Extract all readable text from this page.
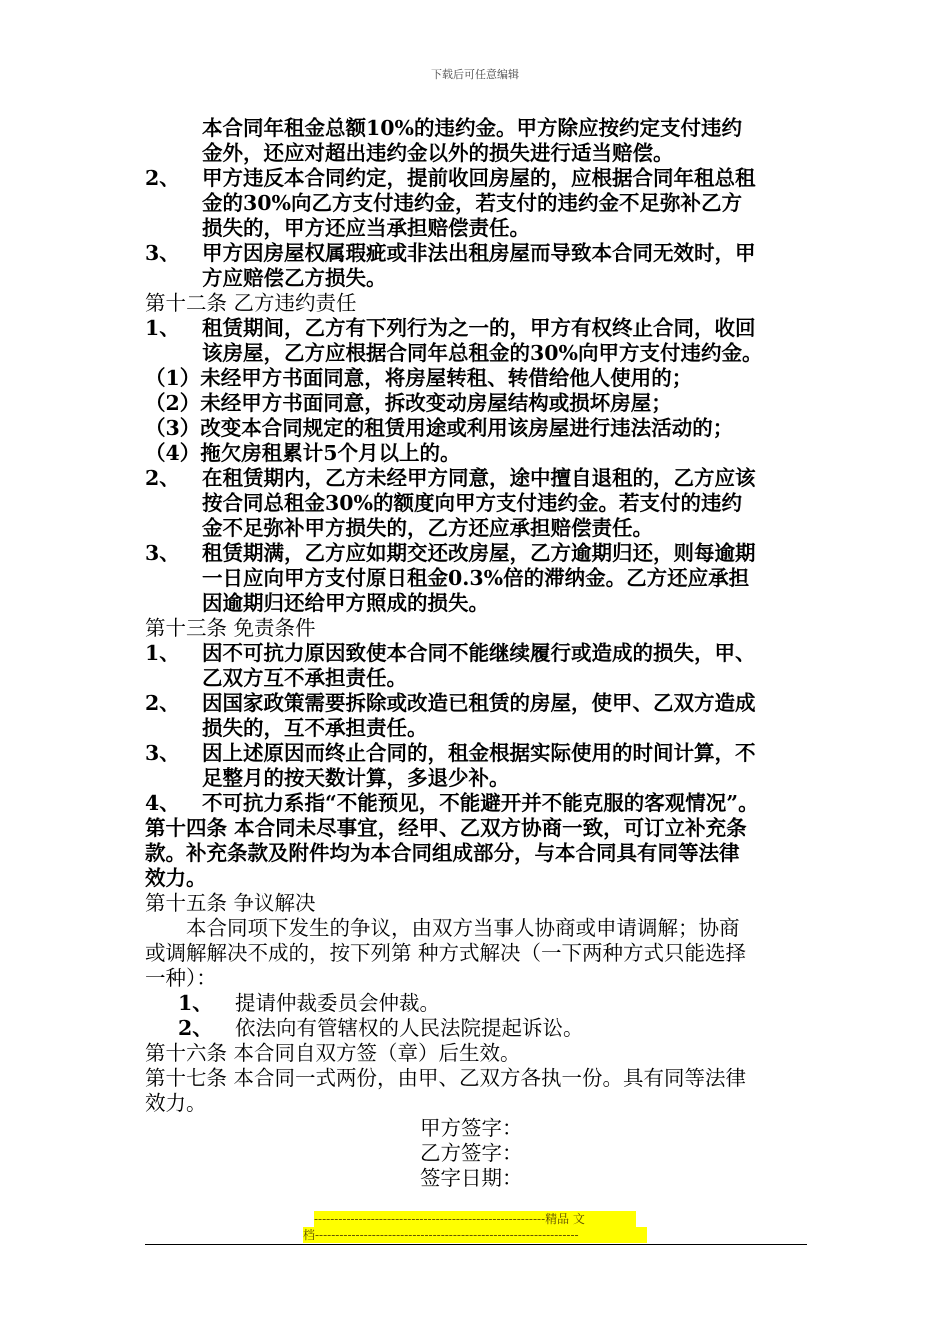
下载后可任意编辑
本合同年租金总额10%的违约金。甲方除应按约定支付违约
金外，还应对超出违约金以外的损失进行适当赔偿。
2、 甲方违反本合同约定，提前收回房屋的，应根据合同年租总租
金的30%向乙方支付违约金，若支付的违约金不足弥补乙方
损失的，甲方还应当承担赔偿责任。
3、 甲方因房屋权属瑕疵或非法出租房屋而导致本合同无效时，甲
方应赔偿乙方损失。
第十二条 乙方违约责任
1、 租赁期间，乙方有下列行为之一的，甲方有权终止合同，收回
该房屋，乙方应根据合同年总租金的30%向甲方支付违约金。
（1）未经甲方书面同意，将房屋转租、转借给他人使用的；
（2）未经甲方书面同意，拆改变动房屋结构或损坏房屋；
（3）改变本合同规定的租赁用途或利用该房屋进行违法活动的；
（4）拖欠房租累计5个月以上的。
2、 在租赁期内，乙方未经甲方同意，途中擅自退租的，乙方应该
按合同总租金30%的额度向甲方支付违约金。若支付的违约
金不足弥补甲方损失的，乙方还应承担赔偿责任。
3、 租赁期满，乙方应如期交还改房屋，乙方逾期归还，则每逾期
一日应向甲方支付原日租金0.3%倍的滞纳金。乙方还应承担
因逾期归还给甲方照成的损失。
第十三条 免责条件
1、 因不可抗力原因致使本合同不能继续履行或造成的损失，甲、
乙双方互不承担责任。
2、 因国家政策需要拆除或改造已租赁的房屋，使甲、乙双方造成
损失的，互不承担责任。
3、 因上述原因而终止合同的，租金根据实际使用的时间计算，不
足整月的按天数计算，多退少补。
4、 不可抗力系指“不能预见，不能避开并不能克服的客观情况”。
第十四条 本合同未尽事宜，经甲、乙双方协商一致，可订立补充条
款。补充条款及附件均为本合同组成部分，与本合同具有同等法律
效力。
第十五条 争议解决
本合同项下发生的争议，由双方当事人协商或申请调解；协商
或调解解决不成的，按下列第 种方式解决（一下两种方式只能选择
一种）：
1、 提请仲裁委员会仲裁。
2、 依法向有管辖权的人民法院提起诉讼。
第十六条 本合同自双方签（章）后生效。
第十七条 本合同一式两份，由甲、乙双方各执一份。具有同等法律
效力。
甲方签字：
乙方签字：
签字日期：
---------------------------------------------------------精品 文
档-----------------------------------------------------------------
